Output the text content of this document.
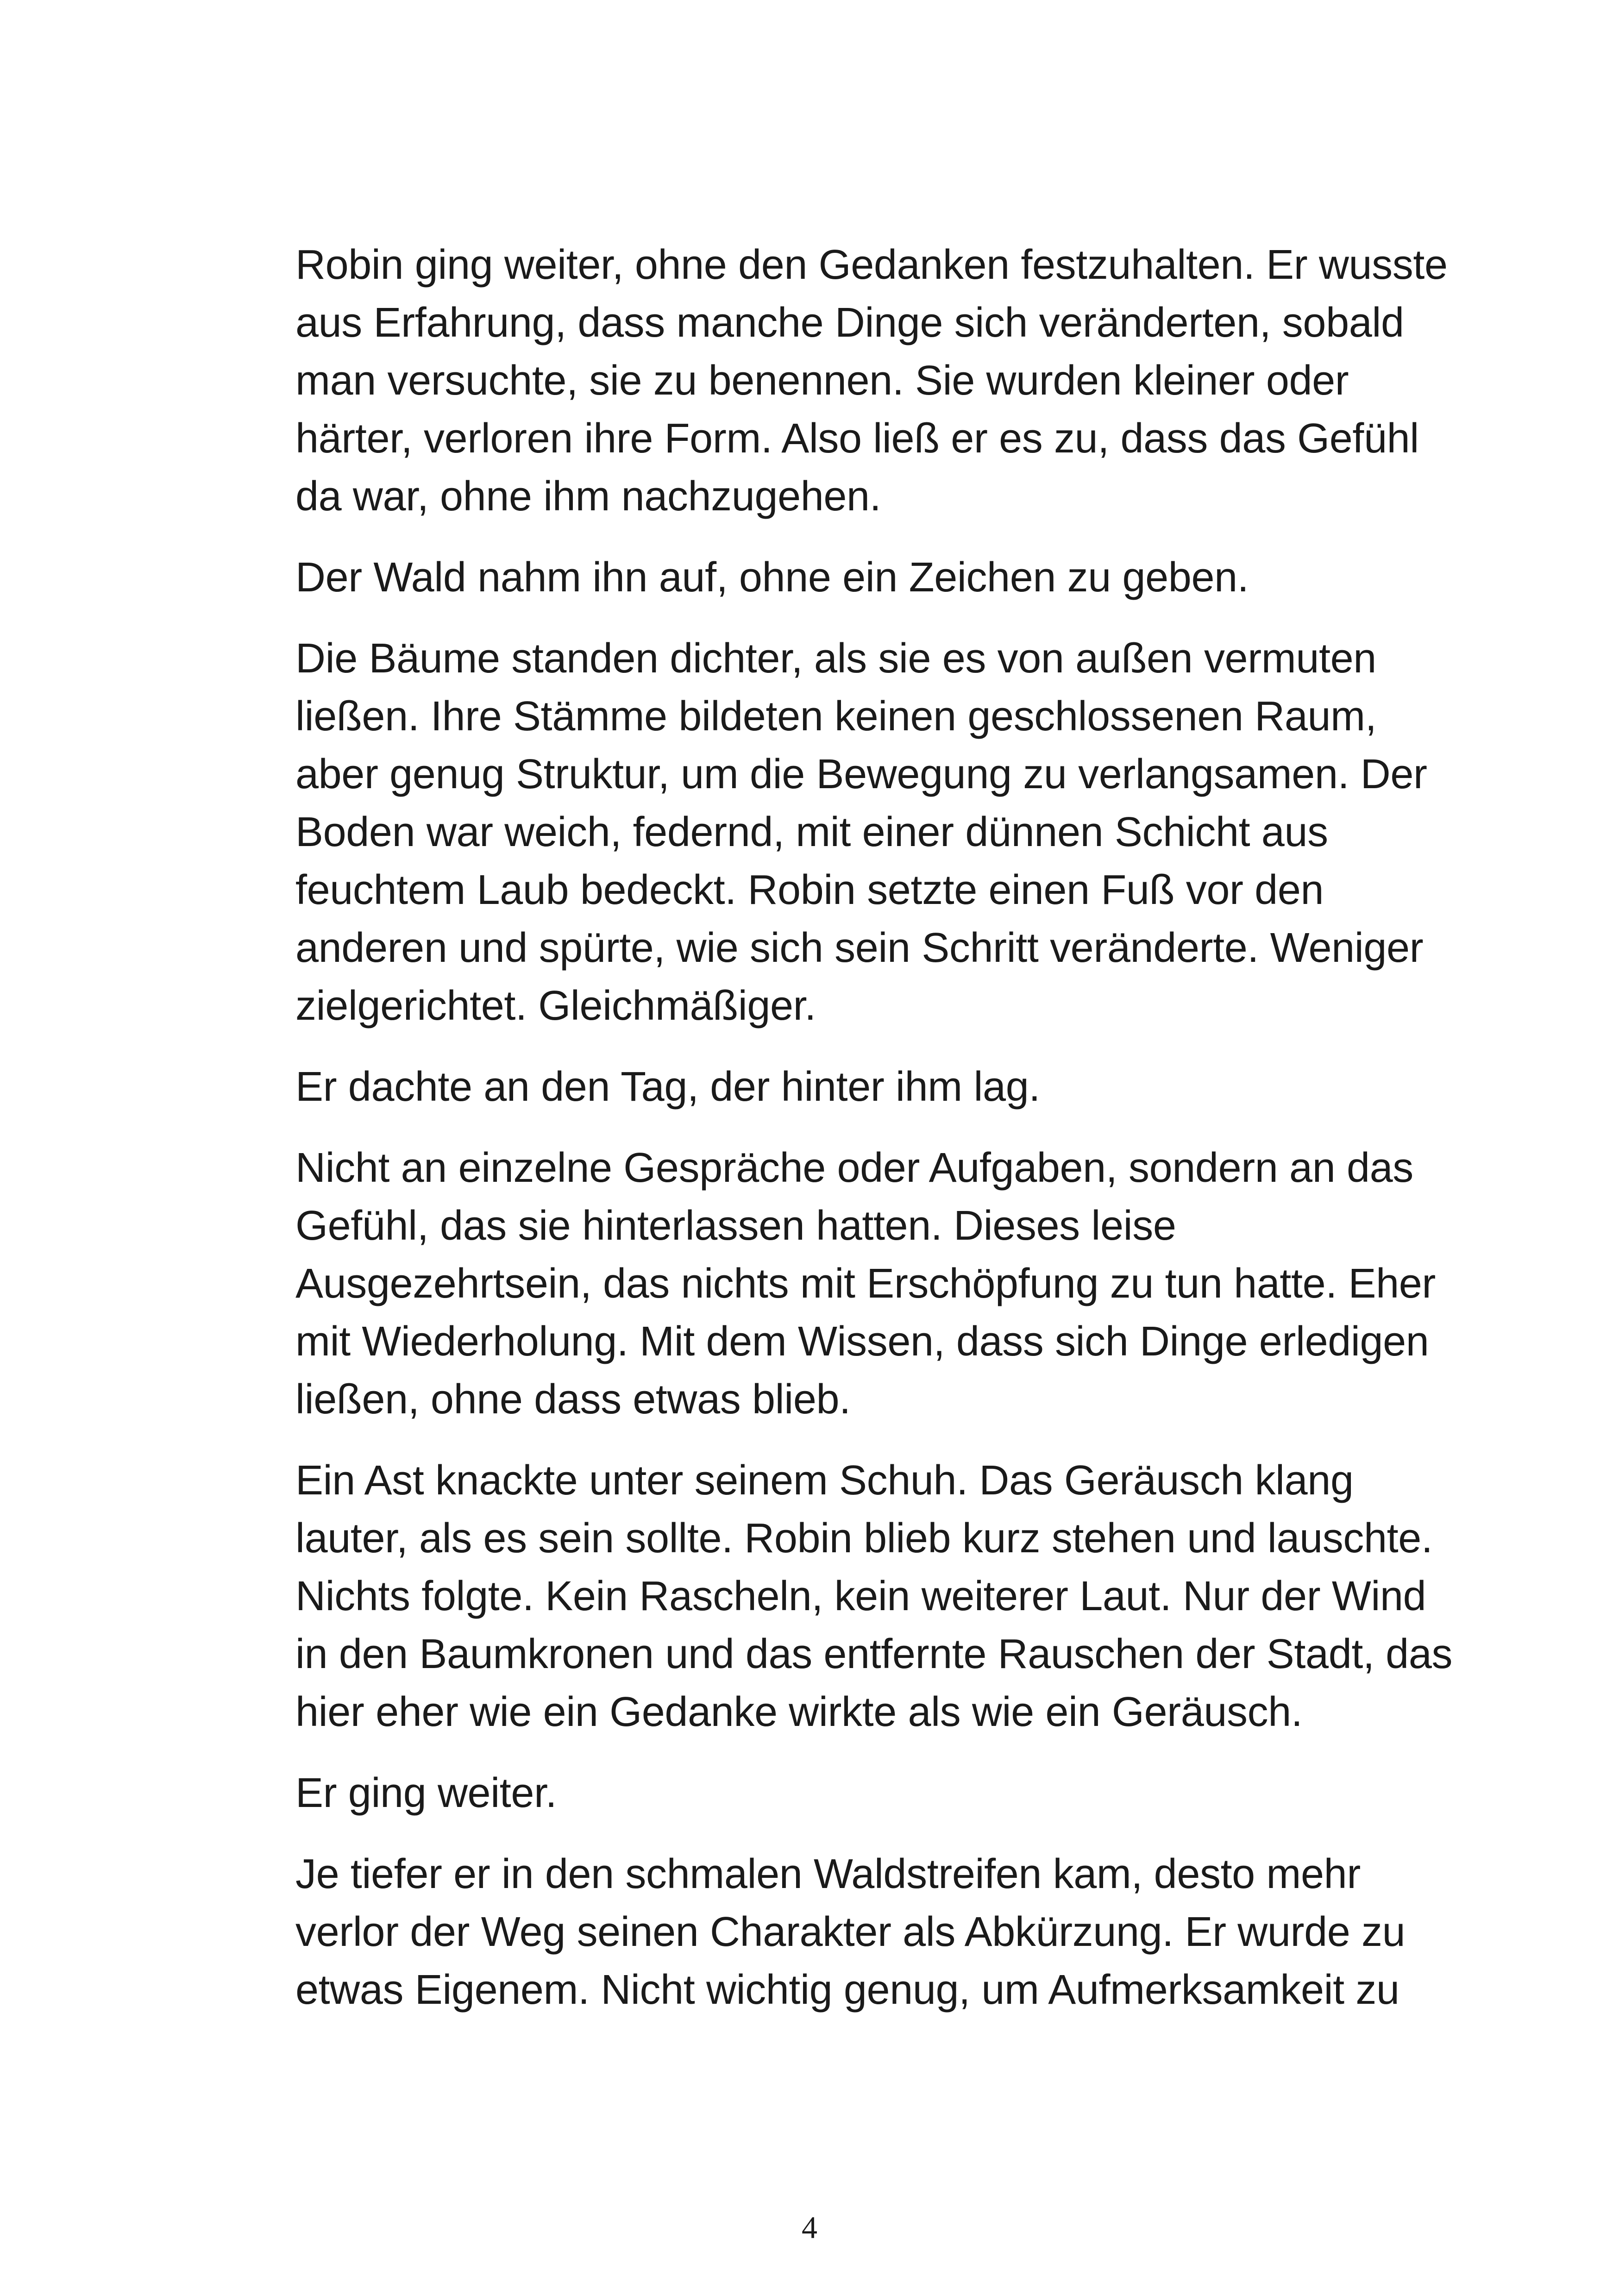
Robin ging weiter, ohne den Gedanken festzuhalten. Er wusste
aus Erfahrung, dass manche Dinge sich veränderten, sobald
man versuchte, sie zu benennen. Sie wurden kleiner oder
härter, verloren ihre Form. Also ließ er es zu, dass das Gefühl
da war, ohne ihm nachzugehen.

Der Wald nahm ihn auf, ohne ein Zeichen zu geben.

Die Bäume standen dichter, als sie es von außen vermuten
ließen. Ihre Stämme bildeten keinen geschlossenen Raum,
aber genug Struktur, um die Bewegung zu verlangsamen. Der
Boden war weich, federnd, mit einer dünnen Schicht aus
feuchtem Laub bedeckt. Robin setzte einen Fuß vor den
anderen und spürte, wie sich sein Schritt veränderte. Weniger
zielgerichtet. Gleichmäßiger.

Er dachte an den Tag, der hinter ihm lag.

Nicht an einzelne Gespräche oder Aufgaben, sondern an das
Gefühl, das sie hinterlassen hatten. Dieses leise
Ausgezehrtsein, das nichts mit Erschöpfung zu tun hatte. Eher
mit Wiederholung. Mit dem Wissen, dass sich Dinge erledigen
ließen, ohne dass etwas blieb.

Ein Ast knackte unter seinem Schuh. Das Geräusch klang
lauter, als es sein sollte. Robin blieb kurz stehen und lauschte.
Nichts folgte. Kein Rascheln, kein weiterer Laut. Nur der Wind
in den Baumkronen und das entfernte Rauschen der Stadt, das
hier eher wie ein Gedanke wirkte als wie ein Geräusch.

Er ging weiter.

Je tiefer er in den schmalen Waldstreifen kam, desto mehr
verlor der Weg seinen Charakter als Abkürzung. Er wurde zu
etwas Eigenem. Nicht wichtig genug, um Aufmerksamkeit zu

4
